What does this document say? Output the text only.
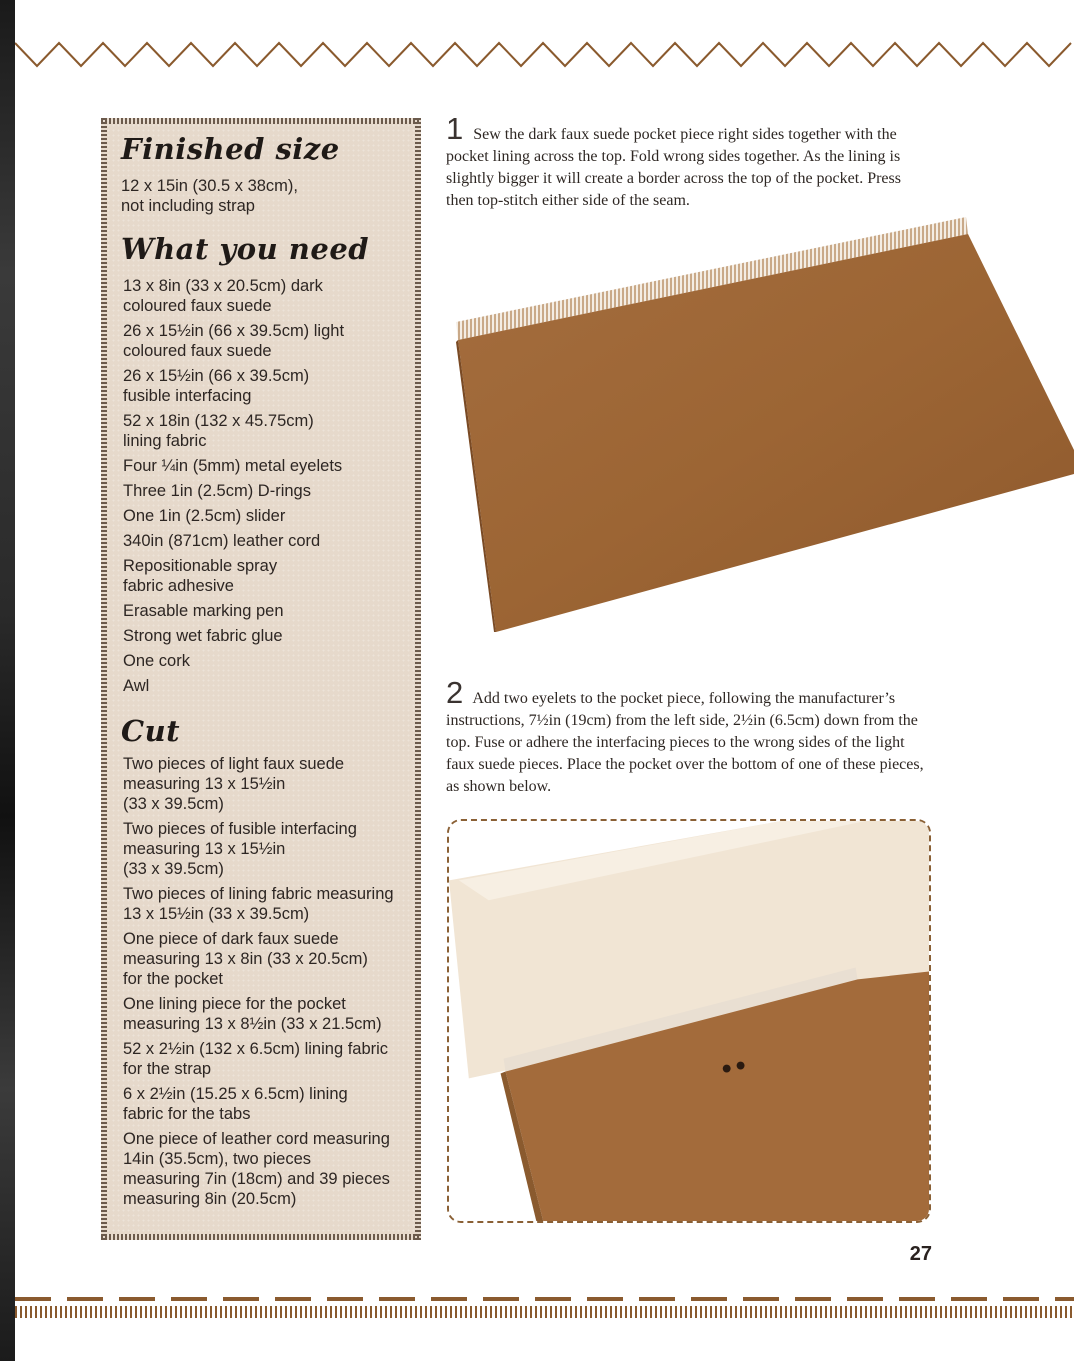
Finished size
12 x 15in (30.5 x 38cm),
not including strap
What you need
13 x 8in (33 x 20.5cm) dark
coloured faux suede
26 x 15½in (66 x 39.5cm) light
coloured faux suede
26 x 15½in (66 x 39.5cm)
fusible interfacing
52 x 18in (132 x 45.75cm)
lining fabric
Four ¼in (5mm) metal eyelets
Three 1in (2.5cm) D-rings
One 1in (2.5cm) slider
340in (871cm) leather cord
Repositionable spray
fabric adhesive
Erasable marking pen
Strong wet fabric glue
One cork
Awl
Cut
Two pieces of light faux suede
measuring 13 x 15½in
(33 x 39.5cm)
Two pieces of fusible interfacing
measuring 13 x 15½in
(33 x 39.5cm)
Two pieces of lining fabric measuring
13 x 15½in (33 x 39.5cm)
One piece of dark faux suede
measuring 13 x 8in (33 x 20.5cm)
for the pocket
One lining piece for the pocket
measuring 13 x 8½in (33 x 21.5cm)
52 x 2½in (132 x 6.5cm) lining fabric
for the strap
6 x 2½in (15.25 x 6.5cm) lining
fabric for the tabs
One piece of leather cord measuring
14in (35.5cm), two pieces
measuring 7in (18cm) and 39 pieces
measuring 8in (20.5cm)
1 Sew the dark faux suede pocket piece right sides together with the pocket lining across the top. Fold wrong sides together. As the lining is slightly bigger it will create a border across the top of the pocket. Press then top-stitch either side of the seam.
2 Add two eyelets to the pocket piece, following the manufacturer’s instructions, 7½in (19cm) from the left side, 2½in (6.5cm) down from the top. Fuse or adhere the interfacing pieces to the wrong sides of the light faux suede pieces. Place the pocket over the bottom of one of these pieces, as shown below.
27
